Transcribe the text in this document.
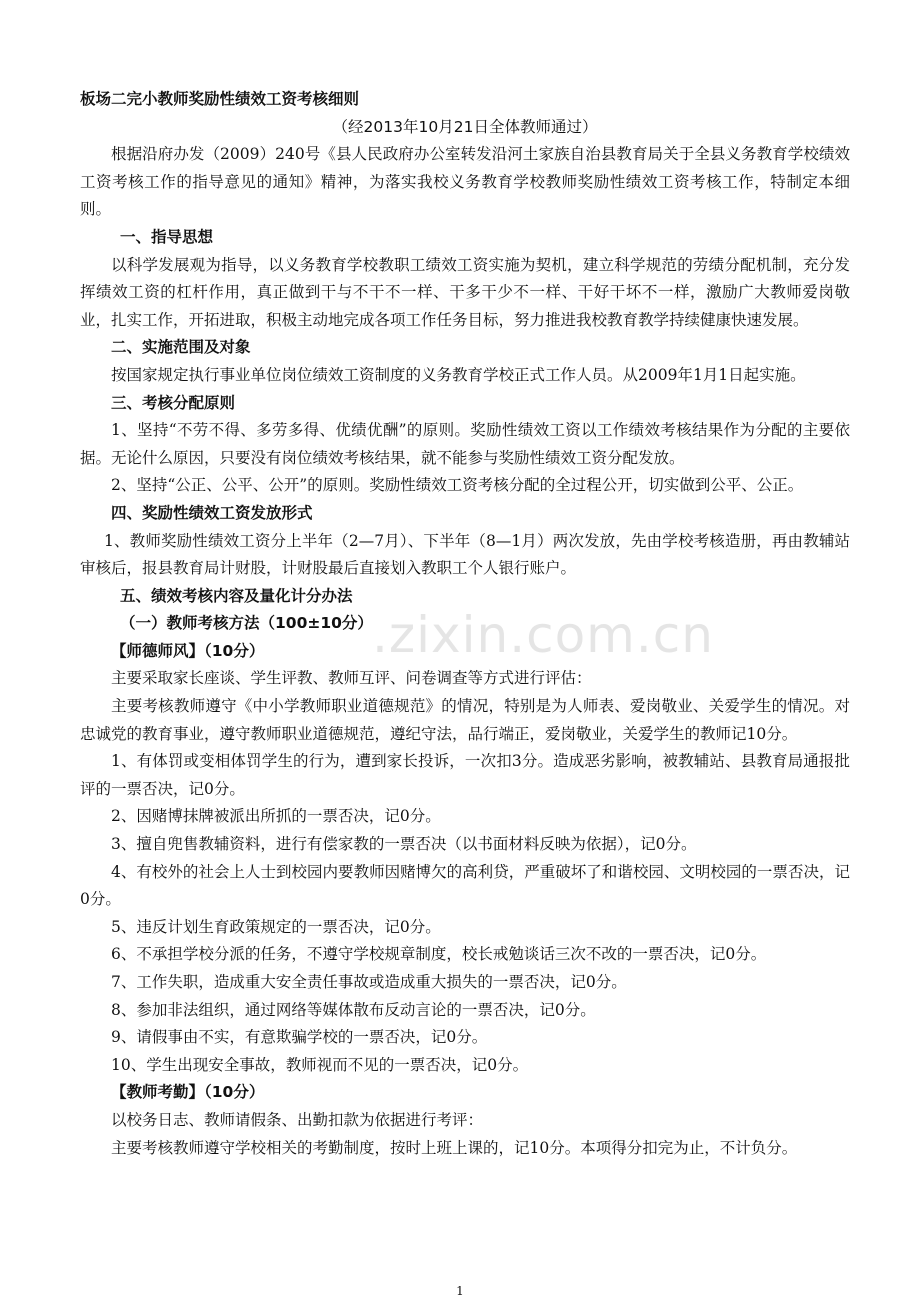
板场二完小教师奖励性绩效工资考核细则

（经2013年10月21日全体教师通过）

根据沿府办发（2009）240号《县人民政府办公室转发沿河土家族自治县教育局关于全县义务教育学校绩效工资考核工作的指导意见的通知》精神，为落实我校义务教育学校教师奖励性绩效工资考核工作，特制定本细则。

一、指导思想

以科学发展观为指导，以义务教育学校教职工绩效工资实施为契机，建立科学规范的劳绩分配机制，充分发挥绩效工资的杠杆作用，真正做到干与不干不一样、干多干少不一样、干好干坏不一样，激励广大教师爱岗敬业，扎实工作，开拓进取，积极主动地完成各项工作任务目标，努力推进我校教育教学持续健康快速发展。

二、实施范围及对象

按国家规定执行事业单位岗位绩效工资制度的义务教育学校正式工作人员。从2009年1月1日起实施。

三、考核分配原则

1、坚持“不劳不得、多劳多得、优绩优酬”的原则。奖励性绩效工资以工作绩效考核结果作为分配的主要依据。无论什么原因，只要没有岗位绩效考核结果，就不能参与奖励性绩效工资分配发放。

2、坚持“公正、公平、公开”的原则。奖励性绩效工资考核分配的全过程公开，切实做到公平、公正。

四、奖励性绩效工资发放形式

1、教师奖励性绩效工资分上半年（2—7月）、下半年（8—1月）两次发放，先由学校考核造册，再由教辅站审核后，报县教育局计财股，计财股最后直接划入教职工个人银行账户。

五、绩效考核内容及量化计分办法

（一）教师考核方法（100±10分）

【师德师风】（10分）

主要采取家长座谈、学生评教、教师互评、问卷调查等方式进行评估：

主要考核教师遵守《中小学教师职业道德规范》的情况，特别是为人师表、爱岗敬业、关爱学生的情况。对忠诚党的教育事业，遵守教师职业道德规范，遵纪守法，品行端正，爱岗敬业，关爱学生的教师记10分。

1、有体罚或变相体罚学生的行为，遭到家长投诉，一次扣3分。造成恶劣影响，被教辅站、县教育局通报批评的一票否决，记0分。

2、因赌博抹牌被派出所抓的一票否决，记0分。

3、擅自兜售教辅资料，进行有偿家教的一票否决（以书面材料反映为依据），记0分。

4、有校外的社会上人士到校园内要教师因赌博欠的高利贷，严重破坏了和谐校园、文明校园的一票否决，记0分。

5、违反计划生育政策规定的一票否决，记0分。

6、不承担学校分派的任务，不遵守学校规章制度，校长戒勉谈话三次不改的一票否决，记0分。

7、工作失职，造成重大安全责任事故或造成重大损失的一票否决，记0分。

8、参加非法组织，通过网络等媒体散布反动言论的一票否决，记0分。

9、请假事由不实，有意欺骗学校的一票否决，记0分。

10、学生出现安全事故，教师视而不见的一票否决，记0分。

【教师考勤】（10分）

以校务日志、教师请假条、出勤扣款为依据进行考评：

主要考核教师遵守学校相关的考勤制度，按时上班上课的，记10分。本项得分扣完为止，不计负分。

.zixin.com.cn
1
